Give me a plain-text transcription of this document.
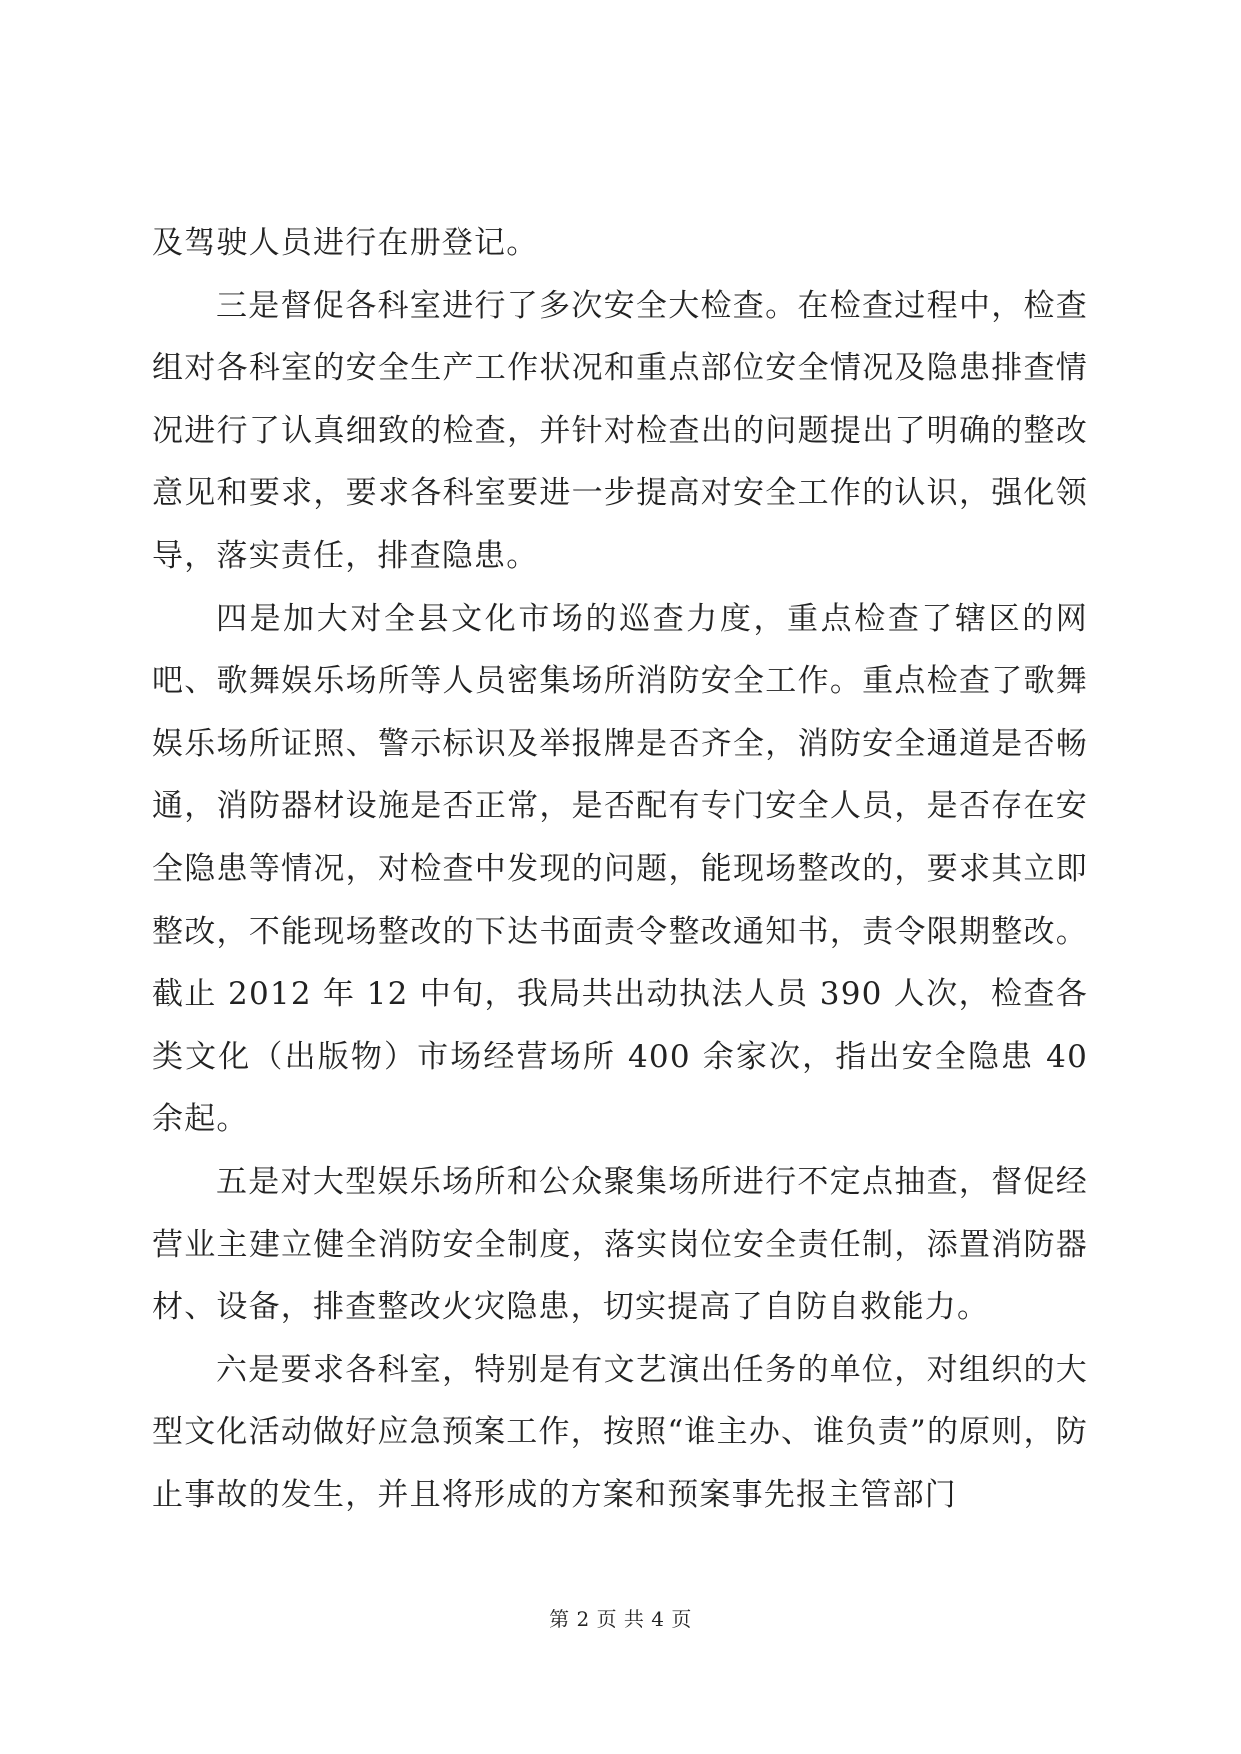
及驾驶人员进行在册登记。

三是督促各科室进行了多次安全大检查。在检查过程中，检查组对各科室的安全生产工作状况和重点部位安全情况及隐患排查情况进行了认真细致的检查，并针对检查出的问题提出了明确的整改意见和要求，要求各科室要进一步提高对安全工作的认识，强化领导，落实责任，排查隐患。

四是加大对全县文化市场的巡查力度，重点检查了辖区的网吧、歌舞娱乐场所等人员密集场所消防安全工作。重点检查了歌舞娱乐场所证照、警示标识及举报牌是否齐全，消防安全通道是否畅通，消防器材设施是否正常，是否配有专门安全人员，是否存在安全隐患等情况，对检查中发现的问题，能现场整改的，要求其立即整改，不能现场整改的下达书面责令整改通知书，责令限期整改。截止 2012 年 12 中旬，我局共出动执法人员 390 人次，检查各类文化（出版物）市场经营场所 400 余家次，指出安全隐患 40 余起。

五是对大型娱乐场所和公众聚集场所进行不定点抽查，督促经营业主建立健全消防安全制度，落实岗位安全责任制，添置消防器材、设备，排查整改火灾隐患，切实提高了自防自救能力。

六是要求各科室，特别是有文艺演出任务的单位，对组织的大型文化活动做好应急预案工作，按照“谁主办、谁负责”的原则，防止事故的发生，并且将形成的方案和预案事先报主管部门

第 2 页 共 4 页
